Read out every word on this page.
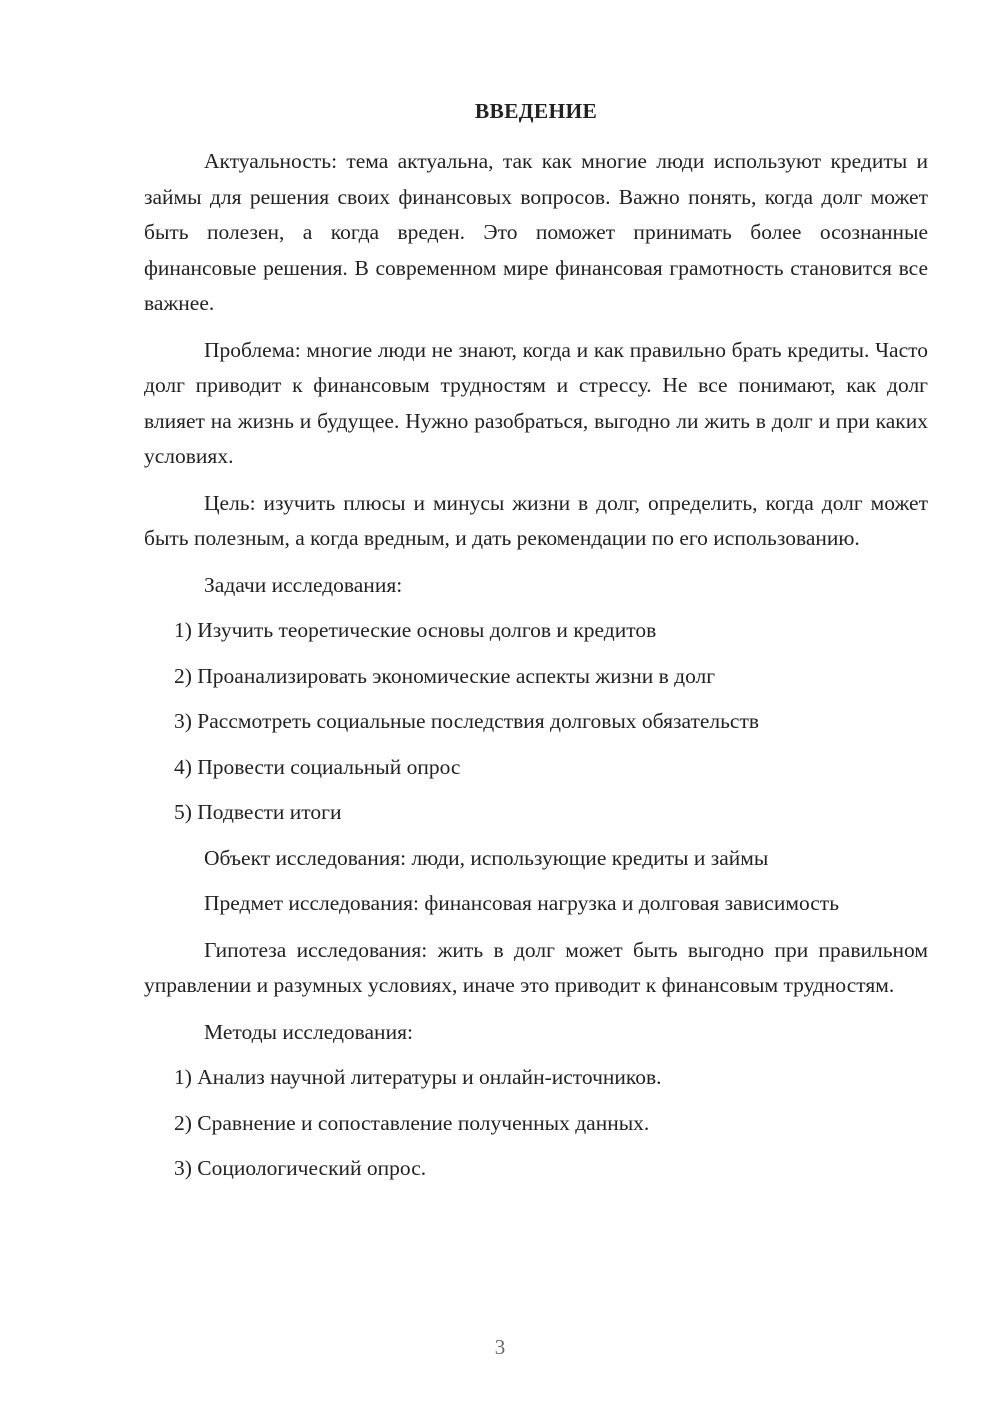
ВВЕДЕНИЕ

Актуальность: тема актуальна, так как многие люди используют кредиты и займы для решения своих финансовых вопросов. Важно понять, когда долг может быть полезен, а когда вреден. Это поможет принимать более осознанные финансовые решения. В современном мире финансовая грамотность становится все важнее.

Проблема: многие люди не знают, когда и как правильно брать кредиты. Часто долг приводит к финансовым трудностям и стрессу. Не все понимают, как долг влияет на жизнь и будущее. Нужно разобраться, выгодно ли жить в долг и при каких условиях.

Цель: изучить плюсы и минусы жизни в долг, определить, когда долг может быть полезным, а когда вредным, и дать рекомендации по его использованию.

Задачи исследования:
1) Изучить теоретические основы долгов и кредитов
2) Проанализировать экономические аспекты жизни в долг
3) Рассмотреть социальные последствия долговых обязательств
4) Провести социальный опрос
5) Подвести итоги
Объект исследования: люди, использующие кредиты и займы

Предмет исследования: финансовая нагрузка и долговая зависимость

Гипотеза исследования: жить в долг может быть выгодно при правильном управлении и разумных условиях, иначе это приводит к финансовым трудностям.

Методы исследования:
1) Анализ научной литературы и онлайн-источников.
2) Сравнение и сопоставление полученных данных.
3) Социологический опрос.
3
